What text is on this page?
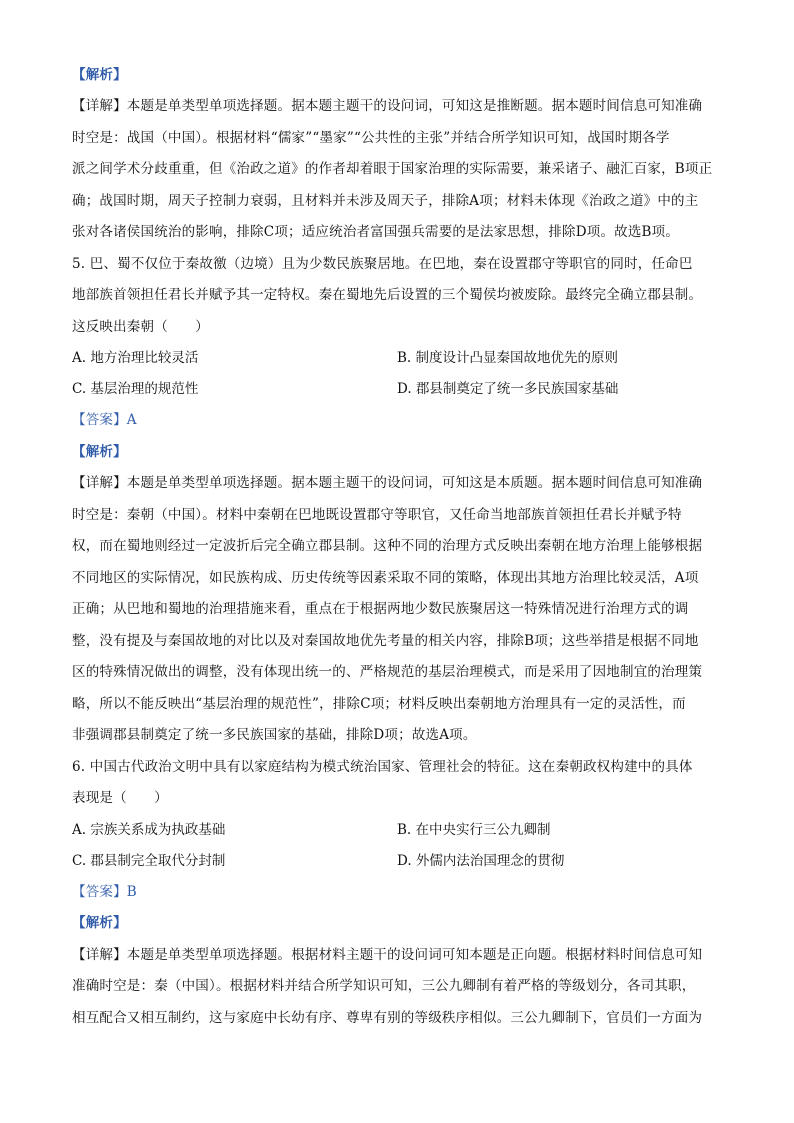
【解析】
【详解】本题是单类型单项选择题。据本题主题干的设问词，可知这是推断题。据本题时间信息可知准确
时空是：战国（中国）。根据材料“儒家”“墨家”“公共性的主张”并结合所学知识可知，战国时期各学
派之间学术分歧重重，但《治政之道》的作者却着眼于国家治理的实际需要，兼采诸子、融汇百家，B项正
确；战国时期，周天子控制力衰弱，且材料并未涉及周天子，排除A项；材料未体现《治政之道》中的主
张对各诸侯国统治的影响，排除C项；适应统治者富国强兵需要的是法家思想，排除D项。故选B项。
5. 巴、蜀不仅位于秦故徼（边境）且为少数民族聚居地。在巴地，秦在设置郡守等职官的同时，任命巴
地部族首领担任君长并赋予其一定特权。秦在蜀地先后设置的三个蜀侯均被废除。最终完全确立郡县制。
这反映出秦朝（　　）
A. 地方治理比较灵活	B. 制度设计凸显秦国故地优先的原则
C. 基层治理的规范性	D. 郡县制奠定了统一多民族国家基础
【答案】A
【解析】
【详解】本题是单类型单项选择题。据本题主题干的设问词，可知这是本质题。据本题时间信息可知准确
时空是：秦朝（中国）。材料中秦朝在巴地既设置郡守等职官，又任命当地部族首领担任君长并赋予特
权，而在蜀地则经过一定波折后完全确立郡县制。这种不同的治理方式反映出秦朝在地方治理上能够根据
不同地区的实际情况，如民族构成、历史传统等因素采取不同的策略，体现出其地方治理比较灵活，A项
正确；从巴地和蜀地的治理措施来看，重点在于根据两地少数民族聚居这一特殊情况进行治理方式的调
整，没有提及与秦国故地的对比以及对秦国故地优先考量的相关内容，排除B项；这些举措是根据不同地
区的特殊情况做出的调整，没有体现出统一的、严格规范的基层治理模式，而是采用了因地制宜的治理策
略，所以不能反映出“基层治理的规范性”，排除C项；材料反映出秦朝地方治理具有一定的灵活性，而
非强调郡县制奠定了统一多民族国家的基础，排除D项；故选A项。
6. 中国古代政治文明中具有以家庭结构为模式统治国家、管理社会的特征。这在秦朝政权构建中的具体
表现是（　　）
A. 宗族关系成为执政基础	B. 在中央实行三公九卿制
C. 郡县制完全取代分封制	D. 外儒内法治国理念的贯彻
【答案】B
【解析】
【详解】本题是单类型单项选择题。根据材料主题干的设问词可知本题是正向题。根据材料时间信息可知
准确时空是：秦（中国）。根据材料并结合所学知识可知，三公九卿制有着严格的等级划分，各司其职，
相互配合又相互制约，这与家庭中长幼有序、尊卑有别的等级秩序相似。三公九卿制下，官员们一方面为
